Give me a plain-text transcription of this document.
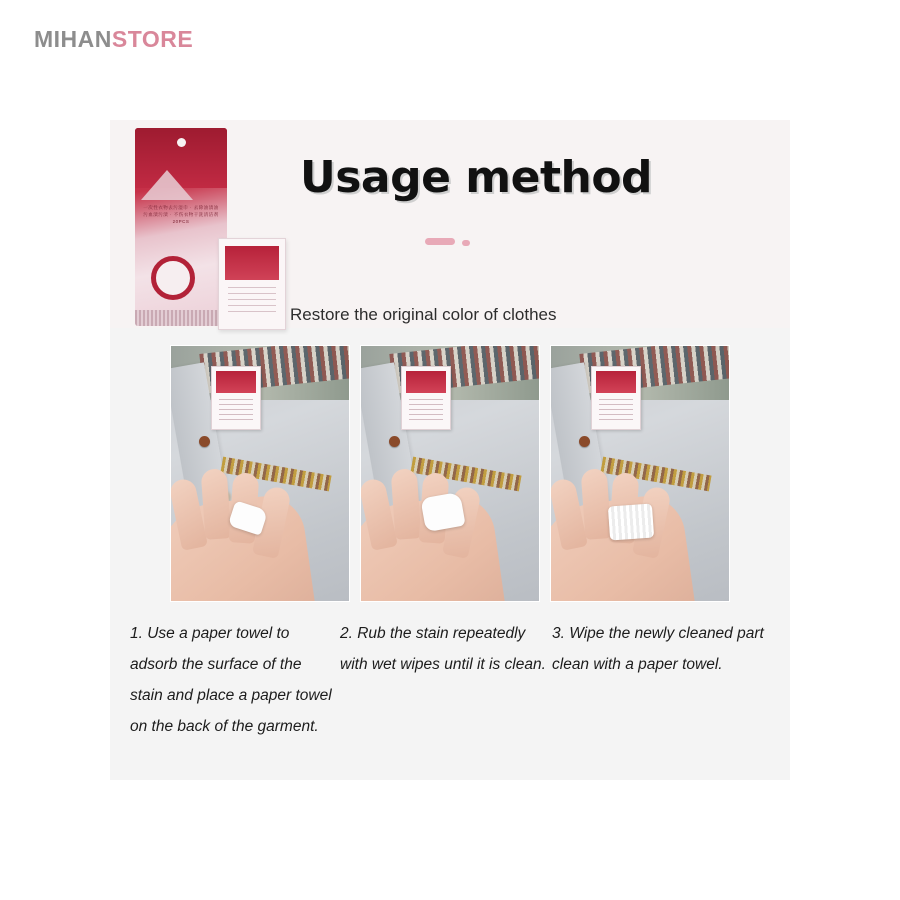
MIHANSTORE
一次性衣物去污湿巾 · 去除油渍油污血渍污渍 · 不伤衣物干洗清洁剂 20PCS
Usage method
Restore the original color of clothes
1. Use a paper towel to adsorb the surface of the stain and place a paper towel on the back of the garment.
2. Rub the stain repeatedly with wet wipes until it is clean.
3. Wipe the newly cleaned part clean with a paper towel.
